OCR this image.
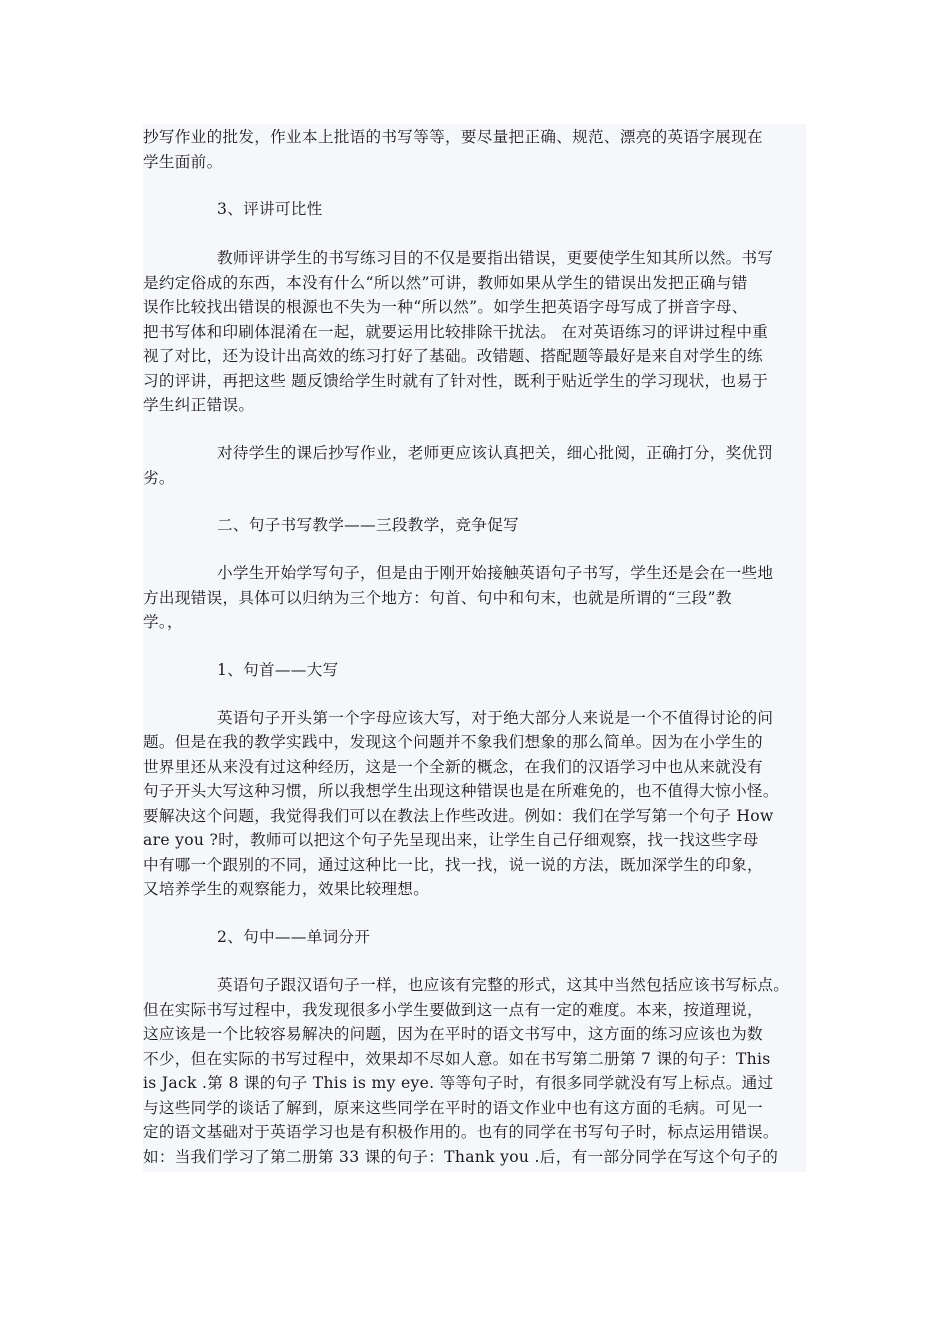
抄写作业的批发，作业本上批语的书写等等，要尽量把正确、规范、漂亮的英语字展现在
学生面前。
3、评讲可比性
教师评讲学生的书写练习目的不仅是要指出错误，更要使学生知其所以然。书写
是约定俗成的东西，本没有什么“所以然”可讲，教师如果从学生的错误出发把正确与错
误作比较找出错误的根源也不失为一种“所以然”。如学生把英语字母写成了拼音字母、
把书写体和印刷体混淆在一起，就要运用比较排除干扰法。 在对英语练习的评讲过程中重
视了对比，还为设计出高效的练习打好了基础。改错题、搭配题等最好是来自对学生的练
习的评讲，再把这些 题反馈给学生时就有了针对性，既利于贴近学生的学习现状，也易于
学生纠正错误。
对待学生的课后抄写作业，老师更应该认真把关，细心批阅，正确打分，奖优罚
劣。
二、句子书写教学——三段教学，竞争促写
小学生开始学写句子，但是由于刚开始接触英语句子书写，学生还是会在一些地
方出现错误，具体可以归纳为三个地方：句首、句中和句末，也就是所谓的“三段”教
学。，
1、句首——大写
英语句子开头第一个字母应该大写，对于绝大部分人来说是一个不值得讨论的问
题。但是在我的教学实践中，发现这个问题并不象我们想象的那么简单。因为在小学生的
世界里还从来没有过这种经历，这是一个全新的概念，在我们的汉语学习中也从来就没有
句子开头大写这种习惯，所以我想学生出现这种错误也是在所难免的，也不值得大惊小怪。
要解决这个问题，我觉得我们可以在教法上作些改进。例如：我们在学写第一个句子 How
are you ?时，教师可以把这个句子先呈现出来，让学生自己仔细观察，找一找这些字母
中有哪一个跟别的不同，通过这种比一比，找一找，说一说的方法，既加深学生的印象，
又培养学生的观察能力，效果比较理想。
2、句中——单词分开
英语句子跟汉语句子一样，也应该有完整的形式，这其中当然包括应该书写标点。
但在实际书写过程中，我发现很多小学生要做到这一点有一定的难度。本来，按道理说，
这应该是一个比较容易解决的问题，因为在平时的语文书写中，这方面的练习应该也为数
不少，但在实际的书写过程中，效果却不尽如人意。如在书写第二册第 7 课的句子：This
is Jack .第 8 课的句子 This is my eye. 等等句子时，有很多同学就没有写上标点。通过
与这些同学的谈话了解到，原来这些同学在平时的语文作业中也有这方面的毛病。可见一
定的语文基础对于英语学习也是有积极作用的。也有的同学在书写句子时，标点运用错误。
如：当我们学习了第二册第 33 课的句子：Thank you .后，有一部分同学在写这个句子的
